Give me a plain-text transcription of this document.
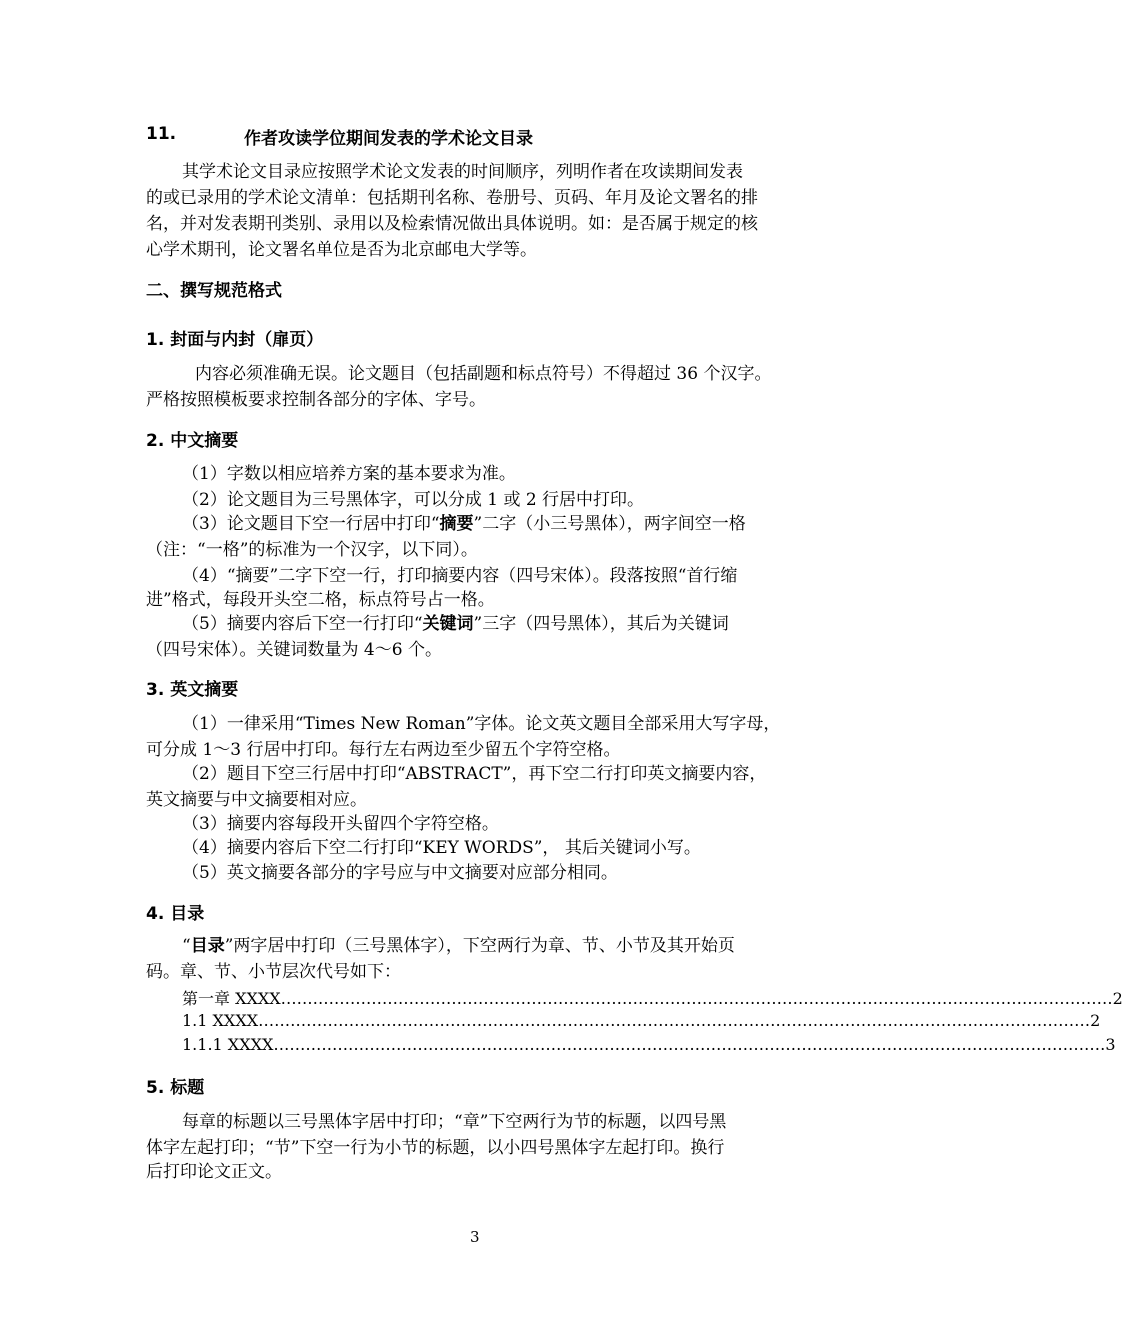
11.	作者攻读学位期间发表的学术论文目录
其学术论文目录应按照学术论文发表的时间顺序，列明作者在攻读期间发表
的或已录用的学术论文清单：包括期刊名称、卷册号、页码、年月及论文署名的排
名，并对发表期刊类别、录用以及检索情况做出具体说明。如：是否属于规定的核
心学术期刊，论文署名单位是否为北京邮电大学等。
二、撰写规范格式
1. 封面与内封（扉页）
内容必须准确无误。论文题目（包括副题和标点符号）不得超过 36 个汉字。
严格按照模板要求控制各部分的字体、字号。
2. 中文摘要
（1）字数以相应培养方案的基本要求为准。
（2）论文题目为三号黑体字，可以分成 1 或 2 行居中打印。
（3）论文题目下空一行居中打印“摘要”二字（小三号黑体），两字间空一格
（注：“一格”的标准为一个汉字，以下同）。
（4）“摘要”二字下空一行，打印摘要内容（四号宋体）。段落按照“首行缩
进”格式，每段开头空二格，标点符号占一格。
（5）摘要内容后下空一行打印“关键词”三字（四号黑体），其后为关键词
（四号宋体）。关键词数量为 4～6 个。
3. 英文摘要
（1）一律采用“Times New Roman”字体。论文英文题目全部采用大写字母，
可分成 1～3 行居中打印。每行左右两边至少留五个字符空格。
（2）题目下空三行居中打印“ABSTRACT”，再下空二行打印英文摘要内容，
英文摘要与中文摘要相对应。
（3）摘要内容每段开头留四个字符空格。
（4）摘要内容后下空二行打印“KEY WORDS”， 其后关键词小写。
（5）英文摘要各部分的字号应与中文摘要对应部分相同。
4. 目录
“目录”两字居中打印（三号黑体字），下空两行为章、节、小节及其开始页
码。章、节、小节层次代号如下：
第一章 XXXX ………………………………………………………………………………………………………………………………………… 2
1.1 XXXX ………………………………………………………………………………………………………………………………………… 2
1.1.1 XXXX ………………………………………………………………………………………………………………………………………… 3
5. 标题
每章的标题以三号黑体字居中打印；“章”下空两行为节的标题，以四号黑
体字左起打印；“节”下空一行为小节的标题，以小四号黑体字左起打印。换行
后打印论文正文。
3
